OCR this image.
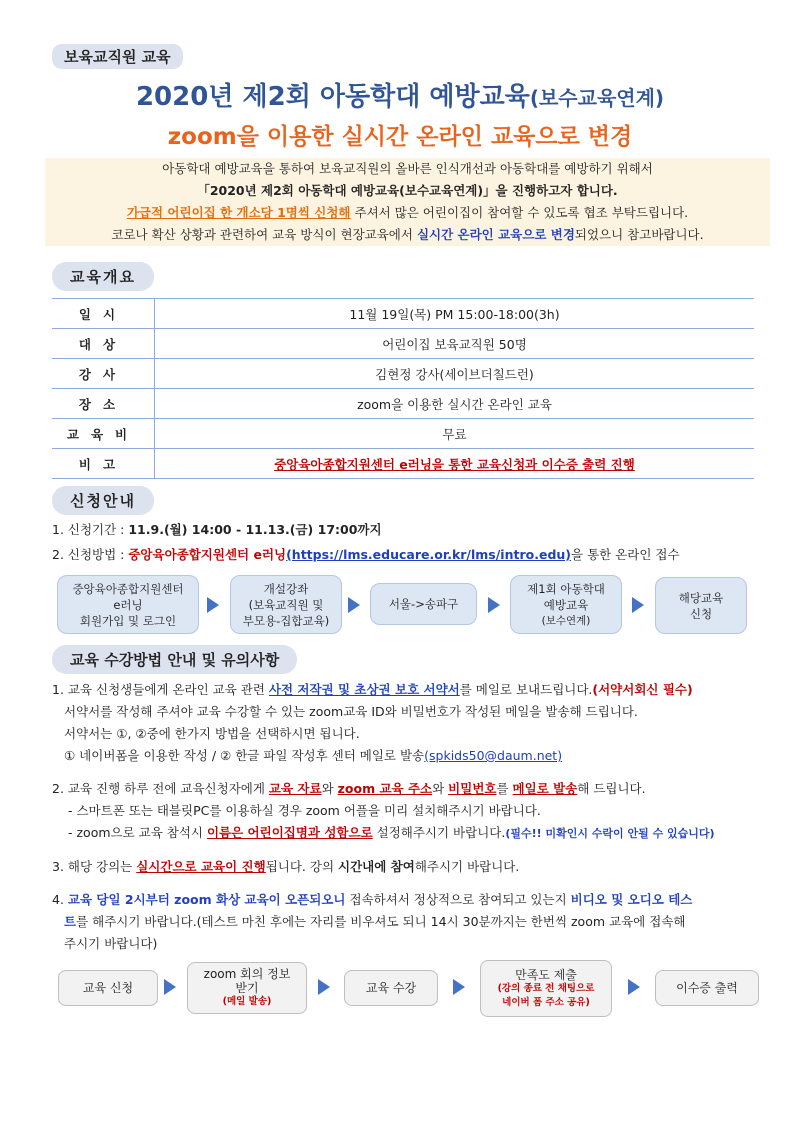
보육교직원 교육
2020년 제2회 아동학대 예방교육(보수교육연계)
zoom을 이용한 실시간 온라인 교육으로 변경
아동학대 예방교육을 통하여 보육교직원의 올바른 인식개선과 아동학대를 예방하기 위해서
「2020년 제2회 아동학대 예방교육(보수교육연계)」을 진행하고자 합니다.
가급적 어린이집 한 개소당 1명씩 신청해 주셔서 많은 어린이집이 참여할 수 있도록 협조 부탁드립니다.
코로나 확산 상황과 관련하여 교육 방식이 현장교육에서 실시간 온라인 교육으로 변경되었으니 참고바랍니다.
교육개요
일시	11월 19일(목) PM 15:00-18:00(3h)
대상	어린이집 보육교직원 50명
강사	김현정 강사(세이브더칠드런)
장소	zoom을 이용한 실시간 온라인 교육
교육비	무료
비고	중앙육아종합지원센터 e러닝을 통한 교육신청과 이수증 출력 진행
신청안내
1. 신청기간 : 11.9.(월) 14:00 - 11.13.(금) 17:00까지
2. 신청방법 : 중앙육아종합지원센터 e러닝(https://lms.educare.or.kr/lms/intro.edu)을 통한 온라인 접수
중앙육아종합지원센터
e러닝
회원가입 및 로그인
개설강좌
(보육교직원 및
부모용-집합교육)
서울->송파구
제1회 아동학대
예방교육
(보수연계)
해당교육
신청
교육 수강방법 안내 및 유의사항
1. 교육 신청생들에게 온라인 교육 관련 사전 저작권 및 초상권 보호 서약서를 메일로 보내드립니다.(서약서회신 필수)
서약서를 작성해 주셔야 교육 수강할 수 있는 zoom교육 ID와 비밀번호가 작성된 메일을 발송해 드립니다.
서약서는 ①, ②중에 한가지 방법을 선택하시면 됩니다.
① 네이버폼을 이용한 작성 / ② 한글 파일 작성후 센터 메일로 발송(spkids50@daum.net)
2. 교육 진행 하루 전에 교육신청자에게 교육 자료와 zoom 교육 주소와 비밀번호를 메일로 발송해 드립니다.
- 스마트폰 또는 태블릿PC를 이용하실 경우 zoom 어플을 미리 설치해주시기 바랍니다.
- zoom으로 교육 참석시 이름은 어린이집명과 성함으로 설정해주시기 바랍니다.(필수!! 미확인시 수락이 안될 수 있습니다)
3. 해당 강의는 실시간으로 교육이 진행됩니다. 강의 시간내에 참여해주시기 바랍니다.
4. 교육 당일 2시부터 zoom 화상 교육이 오픈되오니 접속하셔서 정상적으로 참여되고 있는지 비디오 및 오디오 테스
트를 해주시기 바랍니다.(테스트 마친 후에는 자리를 비우셔도 되니 14시 30분까지는 한번씩 zoom 교육에 접속해
주시기 바랍니다)
교육 신청
zoom 회의 정보
받기
(메일 발송)
교육 수강
만족도 제출
(강의 종료 전 채팅으로
네이버 폼 주소 공유)
이수증 출력
